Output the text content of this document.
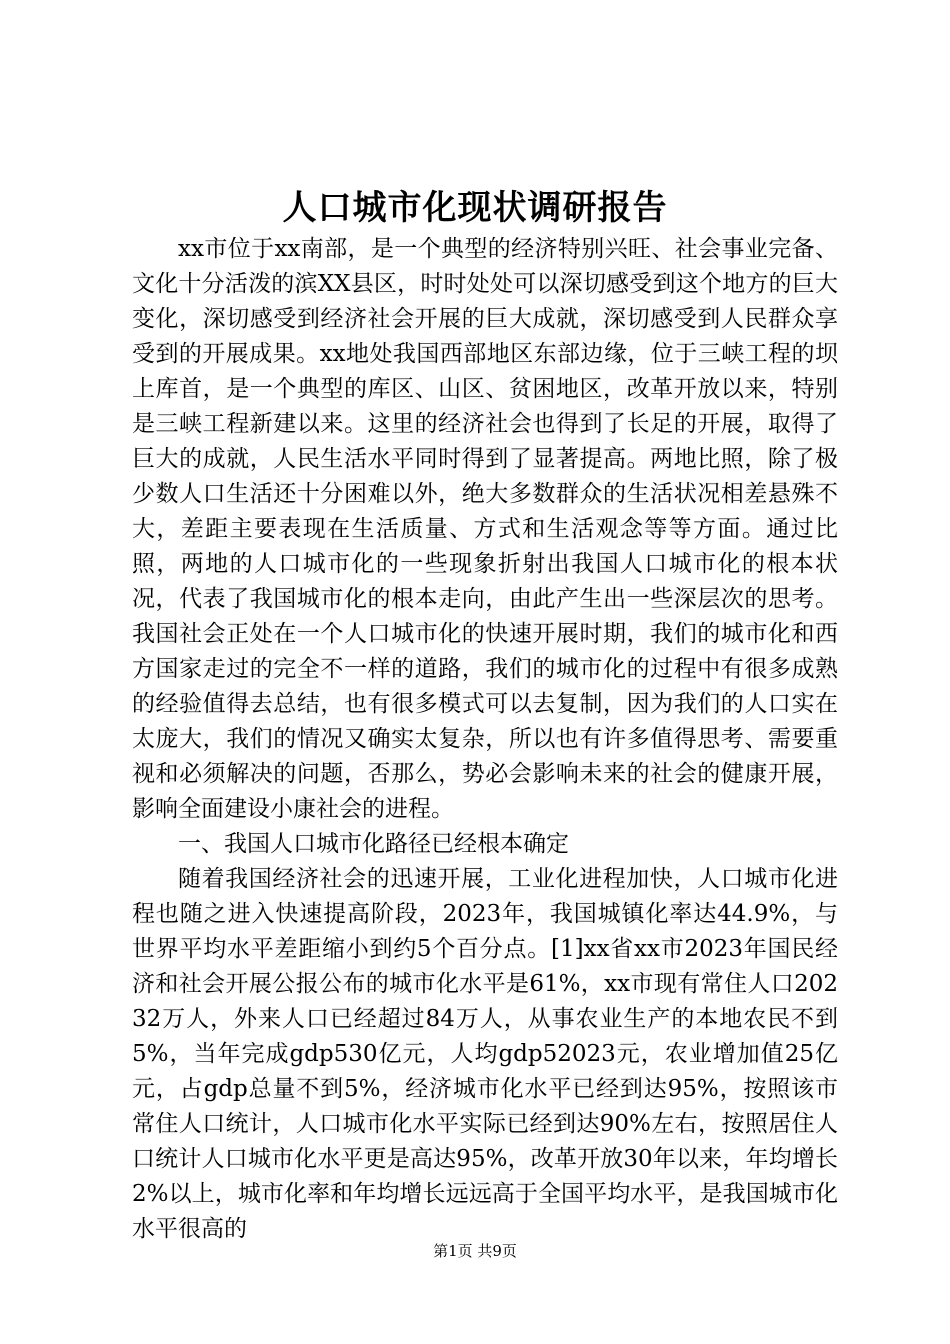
人口城市化现状调研报告

xx市位于xx南部，是一个典型的经济特别兴旺、社会事业完备、文化十分活泼的滨XX县区，时时处处可以深切感受到这个地方的巨大变化，深切感受到经济社会开展的巨大成就，深切感受到人民群众享受到的开展成果。xx地处我国西部地区东部边缘，位于三峡工程的坝上库首，是一个典型的库区、山区、贫困地区，改革开放以来，特别是三峡工程新建以来。这里的经济社会也得到了长足的开展，取得了巨大的成就，人民生活水平同时得到了显著提高。两地比照，除了极少数人口生活还十分困难以外，绝大多数群众的生活状况相差悬殊不大，差距主要表现在生活质量、方式和生活观念等等方面。通过比照，两地的人口城市化的一些现象折射出我国人口城市化的根本状况，代表了我国城市化的根本走向，由此产生出一些深层次的思考。我国社会正处在一个人口城市化的快速开展时期，我们的城市化和西方国家走过的完全不一样的道路，我们的城市化的过程中有很多成熟的经验值得去总结，也有很多模式可以去复制，因为我们的人口实在太庞大，我们的情况又确实太复杂，所以也有许多值得思考、需要重视和必须解决的问题，否那么，势必会影响未来的社会的健康开展，影响全面建设小康社会的进程。

一、我国人口城市化路径已经根本确定

随着我国经济社会的迅速开展，工业化进程加快，人口城市化进程也随之进入快速提高阶段，2023年，我国城镇化率达44.9%，与世界平均水平差距缩小到约5个百分点。[1]xx省xx市2023年国民经济和社会开展公报公布的城市化水平是61%，xx市现有常住人口20232万人，外来人口已经超过84万人，从事农业生产的本地农民不到5%，当年完成gdp530亿元，人均gdp52023元，农业增加值25亿元，占gdp总量不到5%，经济城市化水平已经到达95%，按照该市常住人口统计，人口城市化水平实际已经到达90%左右，按照居住人口统计人口城市化水平更是高达95%，改革开放30年以来，年均增长2%以上，城市化率和年均增长远远高于全国平均水平，是我国城市化水平很高的

第1页 共9页
